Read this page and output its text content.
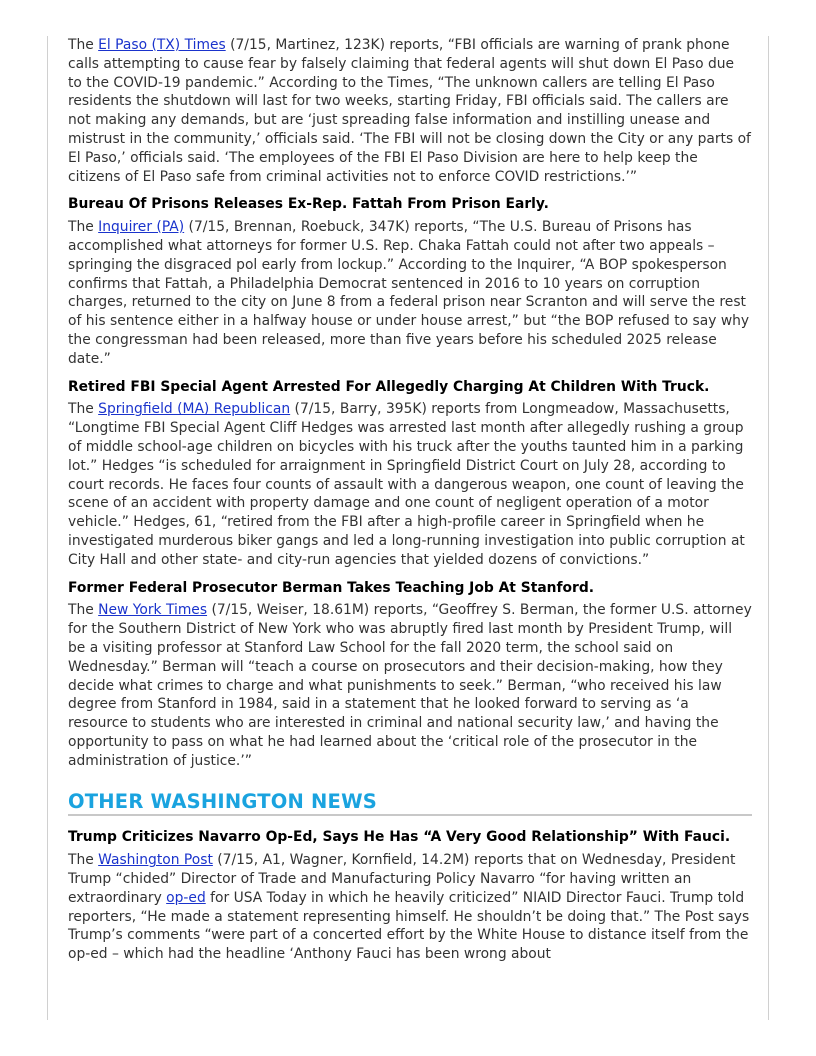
The El Paso (TX) Times (7/15, Martinez, 123K) reports, “FBI officials are warning of prank phone calls attempting to cause fear by falsely claiming that federal agents will shut down El Paso due to the COVID-19 pandemic.” According to the Times, “The unknown callers are telling El Paso residents the shutdown will last for two weeks, starting Friday, FBI officials said. The callers are not making any demands, but are ‘just spreading false information and instilling unease and mistrust in the community,’ officials said. ‘The FBI will not be closing down the City or any parts of El Paso,’ officials said. ‘The employees of the FBI El Paso Division are here to help keep the citizens of El Paso safe from criminal activities not to enforce COVID restrictions.’”

Bureau Of Prisons Releases Ex-Rep. Fattah From Prison Early.

The Inquirer (PA) (7/15, Brennan, Roebuck, 347K) reports, “The U.S. Bureau of Prisons has accomplished what attorneys for former U.S. Rep. Chaka Fattah could not after two appeals – springing the disgraced pol early from lockup.” According to the Inquirer, “A BOP spokesperson confirms that Fattah, a Philadelphia Democrat sentenced in 2016 to 10 years on corruption charges, returned to the city on June 8 from a federal prison near Scranton and will serve the rest of his sentence either in a halfway house or under house arrest,” but “the BOP refused to say why the congressman had been released, more than five years before his scheduled 2025 release date.”

Retired FBI Special Agent Arrested For Allegedly Charging At Children With Truck.

The Springfield (MA) Republican (7/15, Barry, 395K) reports from Longmeadow, Massachusetts, “Longtime FBI Special Agent Cliff Hedges was arrested last month after allegedly rushing a group of middle school-age children on bicycles with his truck after the youths taunted him in a parking lot.” Hedges “is scheduled for arraignment in Springfield District Court on July 28, according to court records. He faces four counts of assault with a dangerous weapon, one count of leaving the scene of an accident with property damage and one count of negligent operation of a motor vehicle.” Hedges, 61, “retired from the FBI after a high-profile career in Springfield when he investigated murderous biker gangs and led a long-running investigation into public corruption at City Hall and other state- and city-run agencies that yielded dozens of convictions.”

Former Federal Prosecutor Berman Takes Teaching Job At Stanford.

The New York Times (7/15, Weiser, 18.61M) reports, “Geoffrey S. Berman, the former U.S. attorney for the Southern District of New York who was abruptly fired last month by President Trump, will be a visiting professor at Stanford Law School for the fall 2020 term, the school said on Wednesday.” Berman will “teach a course on prosecutors and their decision-making, how they decide what crimes to charge and what punishments to seek.” Berman, “who received his law degree from Stanford in 1984, said in a statement that he looked forward to serving as ‘a resource to students who are interested in criminal and national security law,’ and having the opportunity to pass on what he had learned about the ‘critical role of the prosecutor in the administration of justice.’”

OTHER WASHINGTON NEWS
Trump Criticizes Navarro Op-Ed, Says He Has “A Very Good Relationship” With Fauci.

The Washington Post (7/15, A1, Wagner, Kornfield, 14.2M) reports that on Wednesday, President Trump “chided” Director of Trade and Manufacturing Policy Navarro “for having written an extraordinary op-ed for USA Today in which he heavily criticized” NIAID Director Fauci. Trump told reporters, “He made a statement representing himself. He shouldn’t be doing that.” The Post says Trump’s comments “were part of a concerted effort by the White House to distance itself from the op-ed – which had the headline ‘Anthony Fauci has been wrong about
